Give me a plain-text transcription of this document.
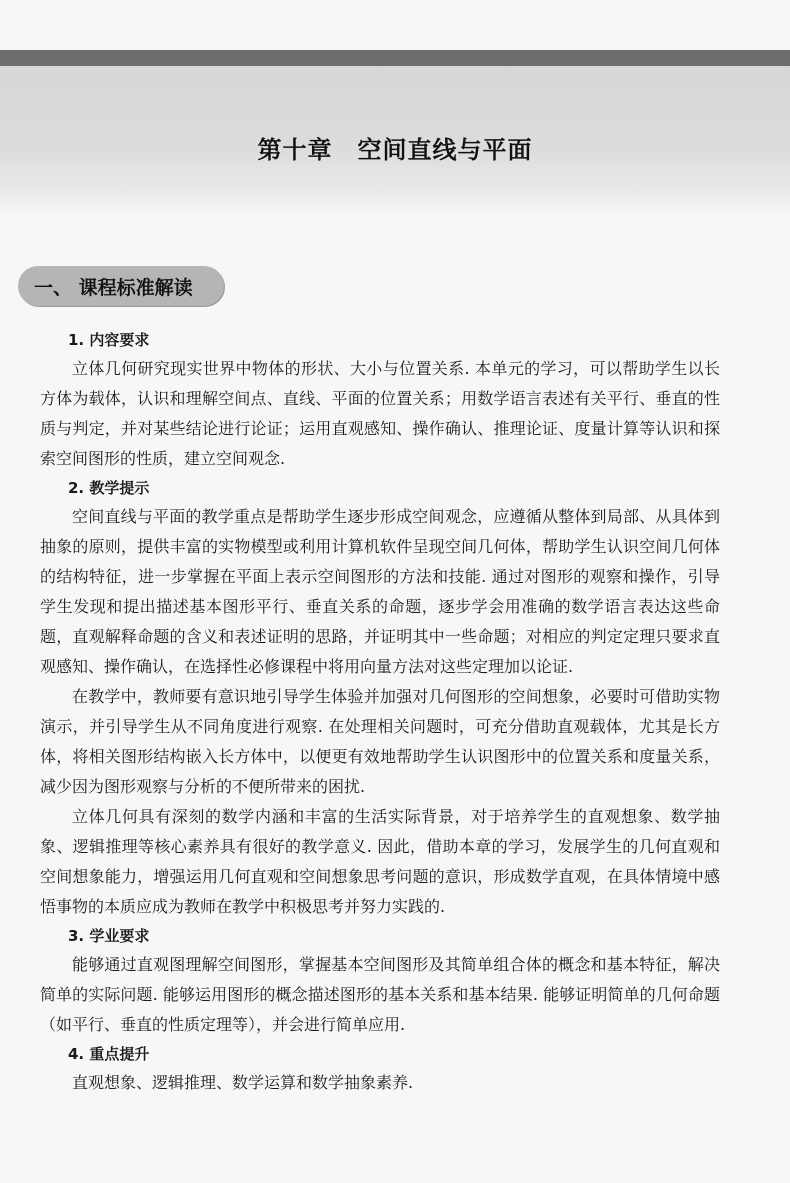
第十章　空间直线与平面
一、 课程标准解读
1. 内容要求

立体几何研究现实世界中物体的形状、大小与位置关系. 本单元的学习，可以帮助学生以长方体为载体，认识和理解空间点、直线、平面的位置关系；用数学语言表述有关平行、垂直的性质与判定，并对某些结论进行论证；运用直观感知、操作确认、推理论证、度量计算等认识和探索空间图形的性质，建立空间观念.

2. 教学提示

空间直线与平面的教学重点是帮助学生逐步形成空间观念，应遵循从整体到局部、从具体到抽象的原则，提供丰富的实物模型或利用计算机软件呈现空间几何体，帮助学生认识空间几何体的结构特征，进一步掌握在平面上表示空间图形的方法和技能. 通过对图形的观察和操作，引导学生发现和提出描述基本图形平行、垂直关系的命题，逐步学会用准确的数学语言表达这些命题，直观解释命题的含义和表述证明的思路，并证明其中一些命题；对相应的判定定理只要求直观感知、操作确认，在选择性必修课程中将用向量方法对这些定理加以论证.

在教学中，教师要有意识地引导学生体验并加强对几何图形的空间想象，必要时可借助实物演示，并引导学生从不同角度进行观察. 在处理相关问题时，可充分借助直观载体，尤其是长方体，将相关图形结构嵌入长方体中，以便更有效地帮助学生认识图形中的位置关系和度量关系，减少因为图形观察与分析的不便所带来的困扰.

立体几何具有深刻的数学内涵和丰富的生活实际背景，对于培养学生的直观想象、数学抽象、逻辑推理等核心素养具有很好的教学意义. 因此，借助本章的学习，发展学生的几何直观和空间想象能力，增强运用几何直观和空间想象思考问题的意识，形成数学直观，在具体情境中感悟事物的本质应成为教师在教学中积极思考并努力实践的.

3. 学业要求

能够通过直观图理解空间图形，掌握基本空间图形及其简单组合体的概念和基本特征，解决简单的实际问题. 能够运用图形的概念描述图形的基本关系和基本结果. 能够证明简单的几何命题（如平行、垂直的性质定理等），并会进行简单应用.

4. 重点提升

直观想象、逻辑推理、数学运算和数学抽象素养.
